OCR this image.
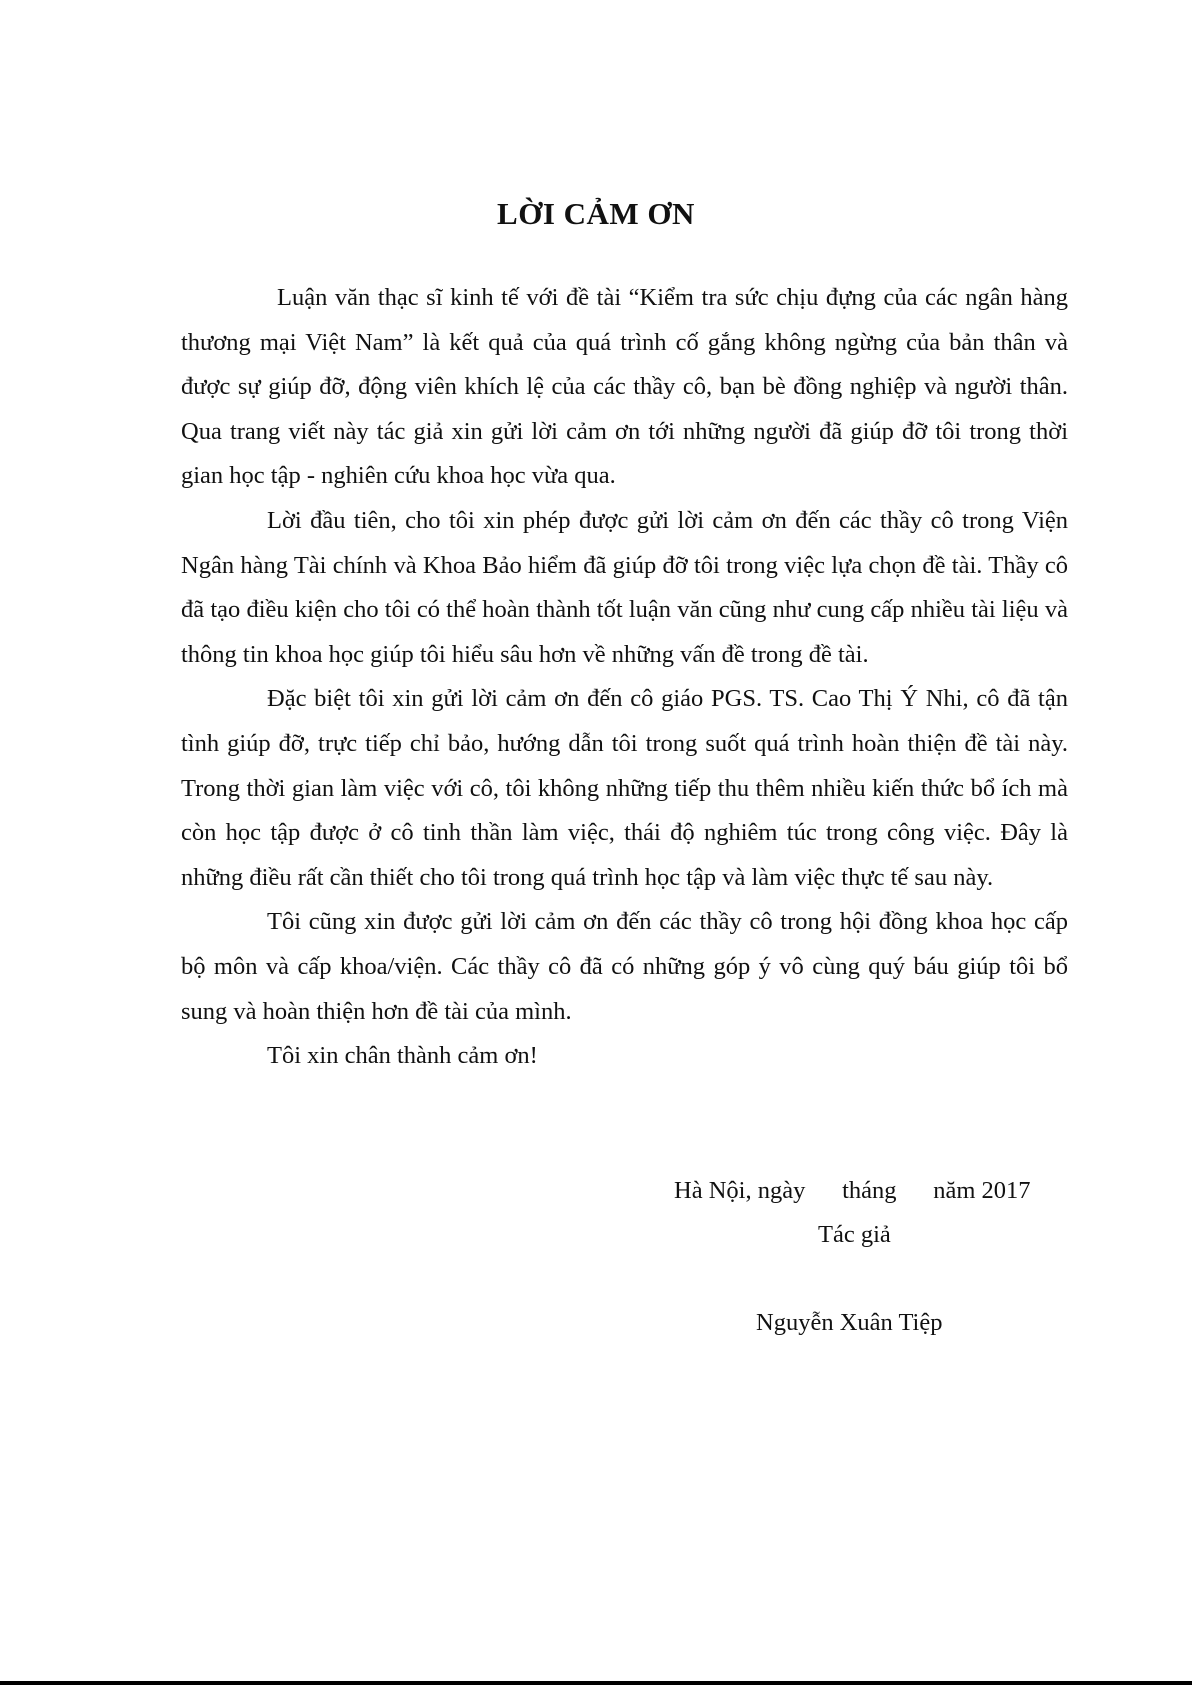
LỜI CẢM ƠN

Luận văn thạc sĩ kinh tế với đề tài “Kiểm tra sức chịu đựng của các ngân hàng thương mại Việt Nam” là kết quả của quá trình cố gắng không ngừng của bản thân và được sự giúp đỡ, động viên khích lệ của các thầy cô, bạn bè đồng nghiệp và người thân. Qua trang viết này tác giả xin gửi lời cảm ơn tới những người đã giúp đỡ tôi trong thời gian học tập - nghiên cứu khoa học vừa qua.

Lời đầu tiên, cho tôi xin phép được gửi lời cảm ơn đến các thầy cô trong Viện Ngân hàng Tài chính và Khoa Bảo hiểm đã giúp đỡ tôi trong việc lựa chọn đề tài. Thầy cô đã tạo điều kiện cho tôi có thể hoàn thành tốt luận văn cũng như cung cấp nhiều tài liệu và thông tin khoa học giúp tôi hiểu sâu hơn về những vấn đề trong đề tài.

Đặc biệt tôi xin gửi lời cảm ơn đến cô giáo PGS. TS. Cao Thị Ý Nhi, cô đã tận tình giúp đỡ, trực tiếp chỉ bảo, hướng dẫn tôi trong suốt quá trình hoàn thiện đề tài này. Trong thời gian làm việc với cô, tôi không những tiếp thu thêm nhiều kiến thức bổ ích mà còn học tập được ở cô tinh thần làm việc, thái độ nghiêm túc trong công việc. Đây là những điều rất cần thiết cho tôi trong quá trình học tập và làm việc thực tế sau này.

Tôi cũng xin được gửi lời cảm ơn đến các thầy cô trong hội đồng khoa học cấp bộ môn và cấp khoa/viện. Các thầy cô đã có những góp ý vô cùng quý báu giúp tôi bổ sung và hoàn thiện hơn đề tài của mình.

Tôi xin chân thành cảm ơn!

Hà Nội, ngày      tháng      năm 2017
Tác giả
Nguyễn Xuân Tiệp
